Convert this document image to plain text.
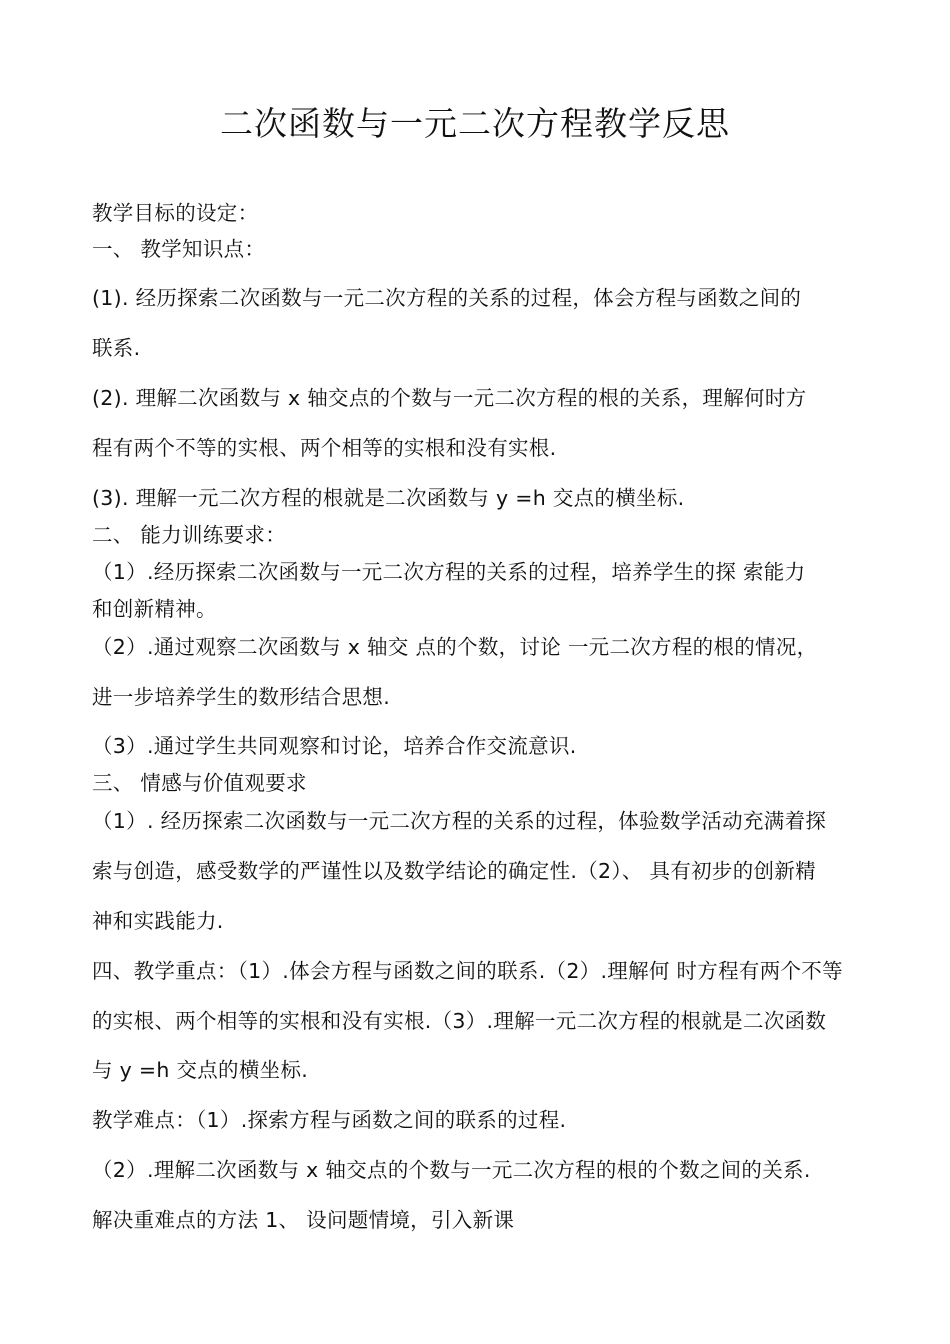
二次函数与一元二次方程教学反思
教学目标的设定：
一、 教学知识点：
(1). 经历探索二次函数与一元二次方程的关系的过程，体会方程与函数之间的
联系.
(2). 理解二次函数与 x 轴交点的个数与一元二次方程的根的关系，理解何时方
程有两个不等的实根、两个相等的实根和没有实根.
(3). 理解一元二次方程的根就是二次函数与 y =h 交点的横坐标.
二、 能力训练要求：
（1）.经历探索二次函数与一元二次方程的关系的过程，培养学生的探 索能力
和创新精神。
（2）.通过观察二次函数与 x 轴交 点的个数，讨论 一元二次方程的根的情况，
进一步培养学生的数形结合思想.
（3）.通过学生共同观察和讨论，培养合作交流意识.
三、 情感与价值观要求
（1）. 经历探索二次函数与一元二次方程的关系的过程，体验数学活动充满着探
索与创造，感受数学的严谨性以及数学结论的确定性.（2）、 具有初步的创新精
神和实践能力.
四、教学重点：（1）.体会方程与函数之间的联系.（2）.理解何 时方程有两个不等
的实根、两个相等的实根和没有实根.（3）.理解一元二次方程的根就是二次函数
与 y =h 交点的横坐标.
教学难点：（1）.探索方程与函数之间的联系的过程.
（2）.理解二次函数与 x 轴交点的个数与一元二次方程的根的个数之间的关系.
解决重难点的方法 1、 设问题情境，引入新课
